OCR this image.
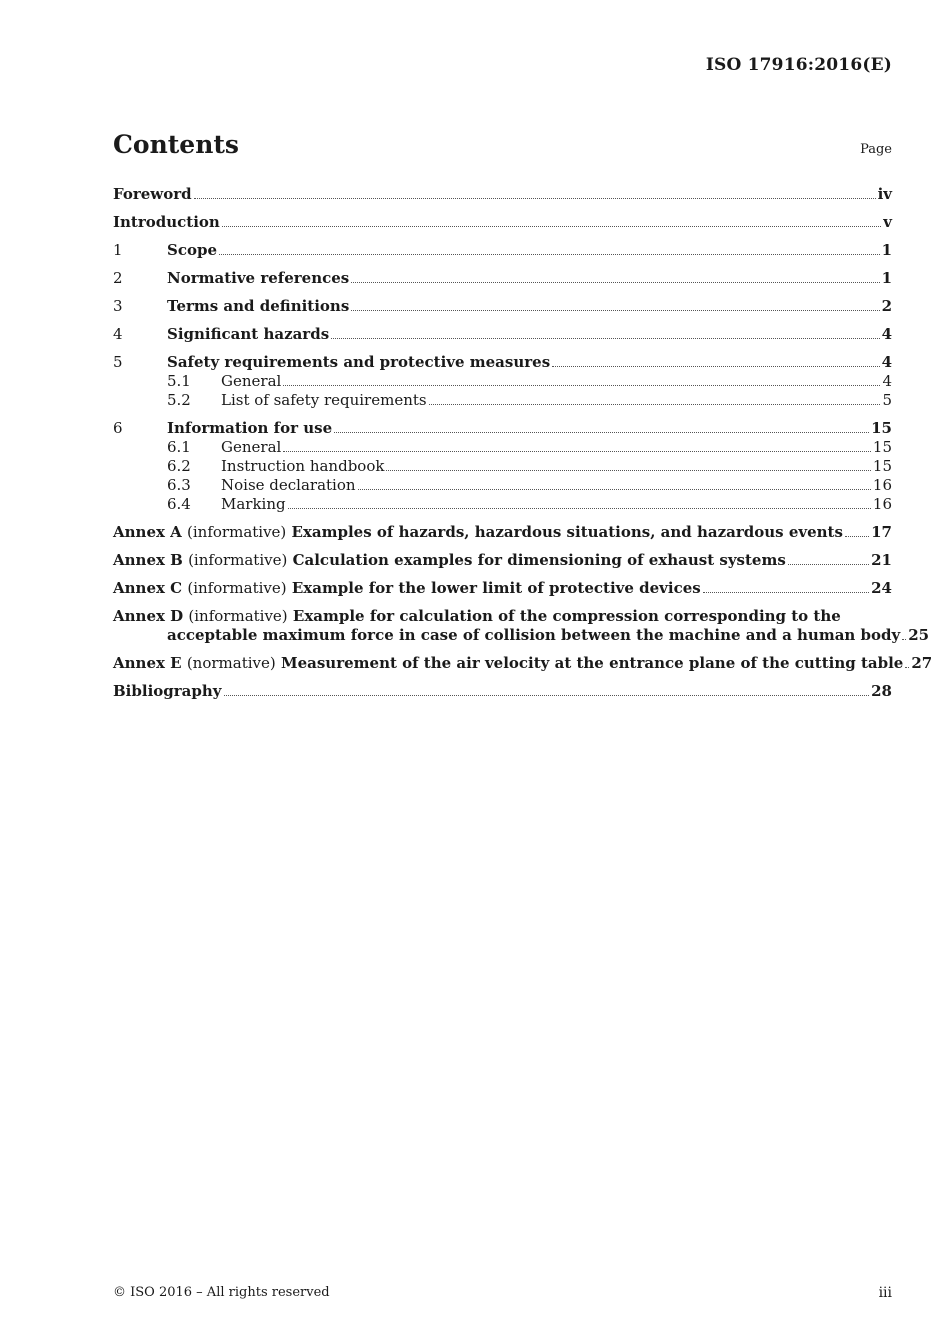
ISO 17916:2016(E)
Contents	Page
Foreword	iv
Introduction	v
1	Scope	1
2	Normative references	1
3	Terms and definitions	2
4	Significant hazards	4
5	Safety requirements and protective measures	4
5.1	General	4
5.2	List of safety requirements	5
6	Information for use	15
6.1	General	15
6.2	Instruction handbook	15
6.3	Noise declaration	16
6.4	Marking	16
Annex A (informative) Examples of hazards, hazardous situations, and hazardous events 17
Annex B (informative) Calculation examples for dimensioning of exhaust systems	21
Annex C (informative) Example for the lower limit of protective devices	24
Annex D (informative) Example for calculation of the compression corresponding to the
acceptable maximum force in case of collision between the machine and a human body 25
Annex E (normative) Measurement of the air velocity at the entrance plane of the cutting table 27
Bibliography	28
© ISO 2016 – All rights reserved	iii
